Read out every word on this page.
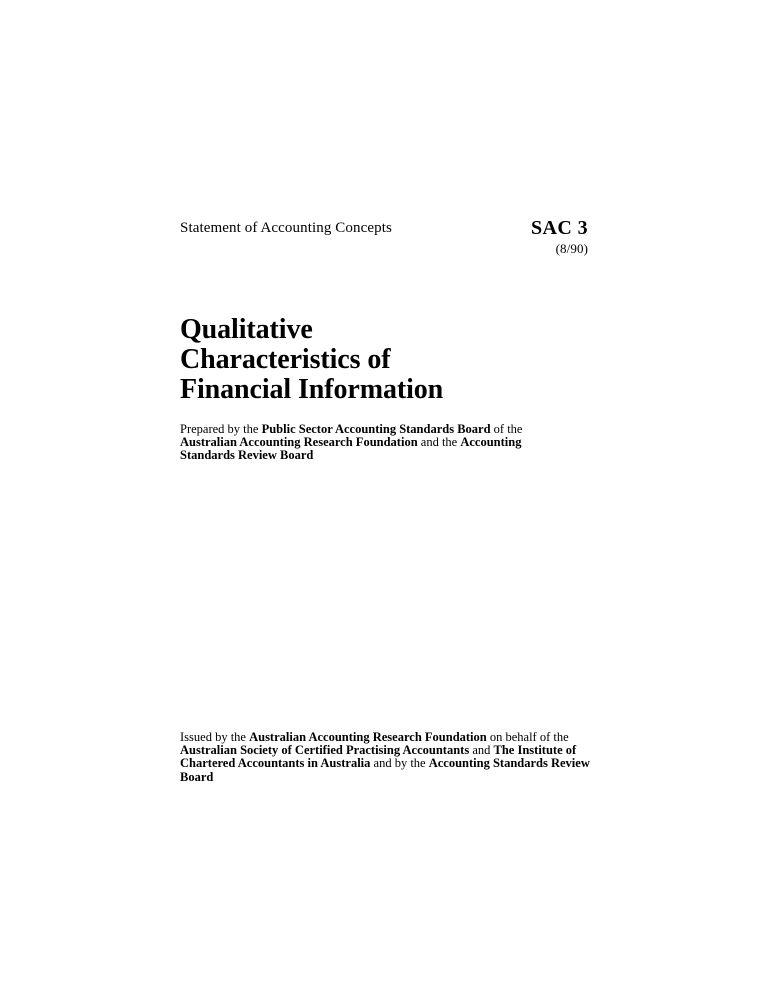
Statement of Accounting Concepts	SAC 3
(8/90)
Qualitative
Characteristics of
Financial Information

Prepared by the Public Sector Accounting Standards Board of the Australian Accounting Research Foundation and the Accounting Standards Review Board

Issued by the Australian Accounting Research Foundation on behalf of the Australian Society of Certified Practising Accountants and The Institute of Chartered Accountants in Australia and by the Accounting Standards Review Board
